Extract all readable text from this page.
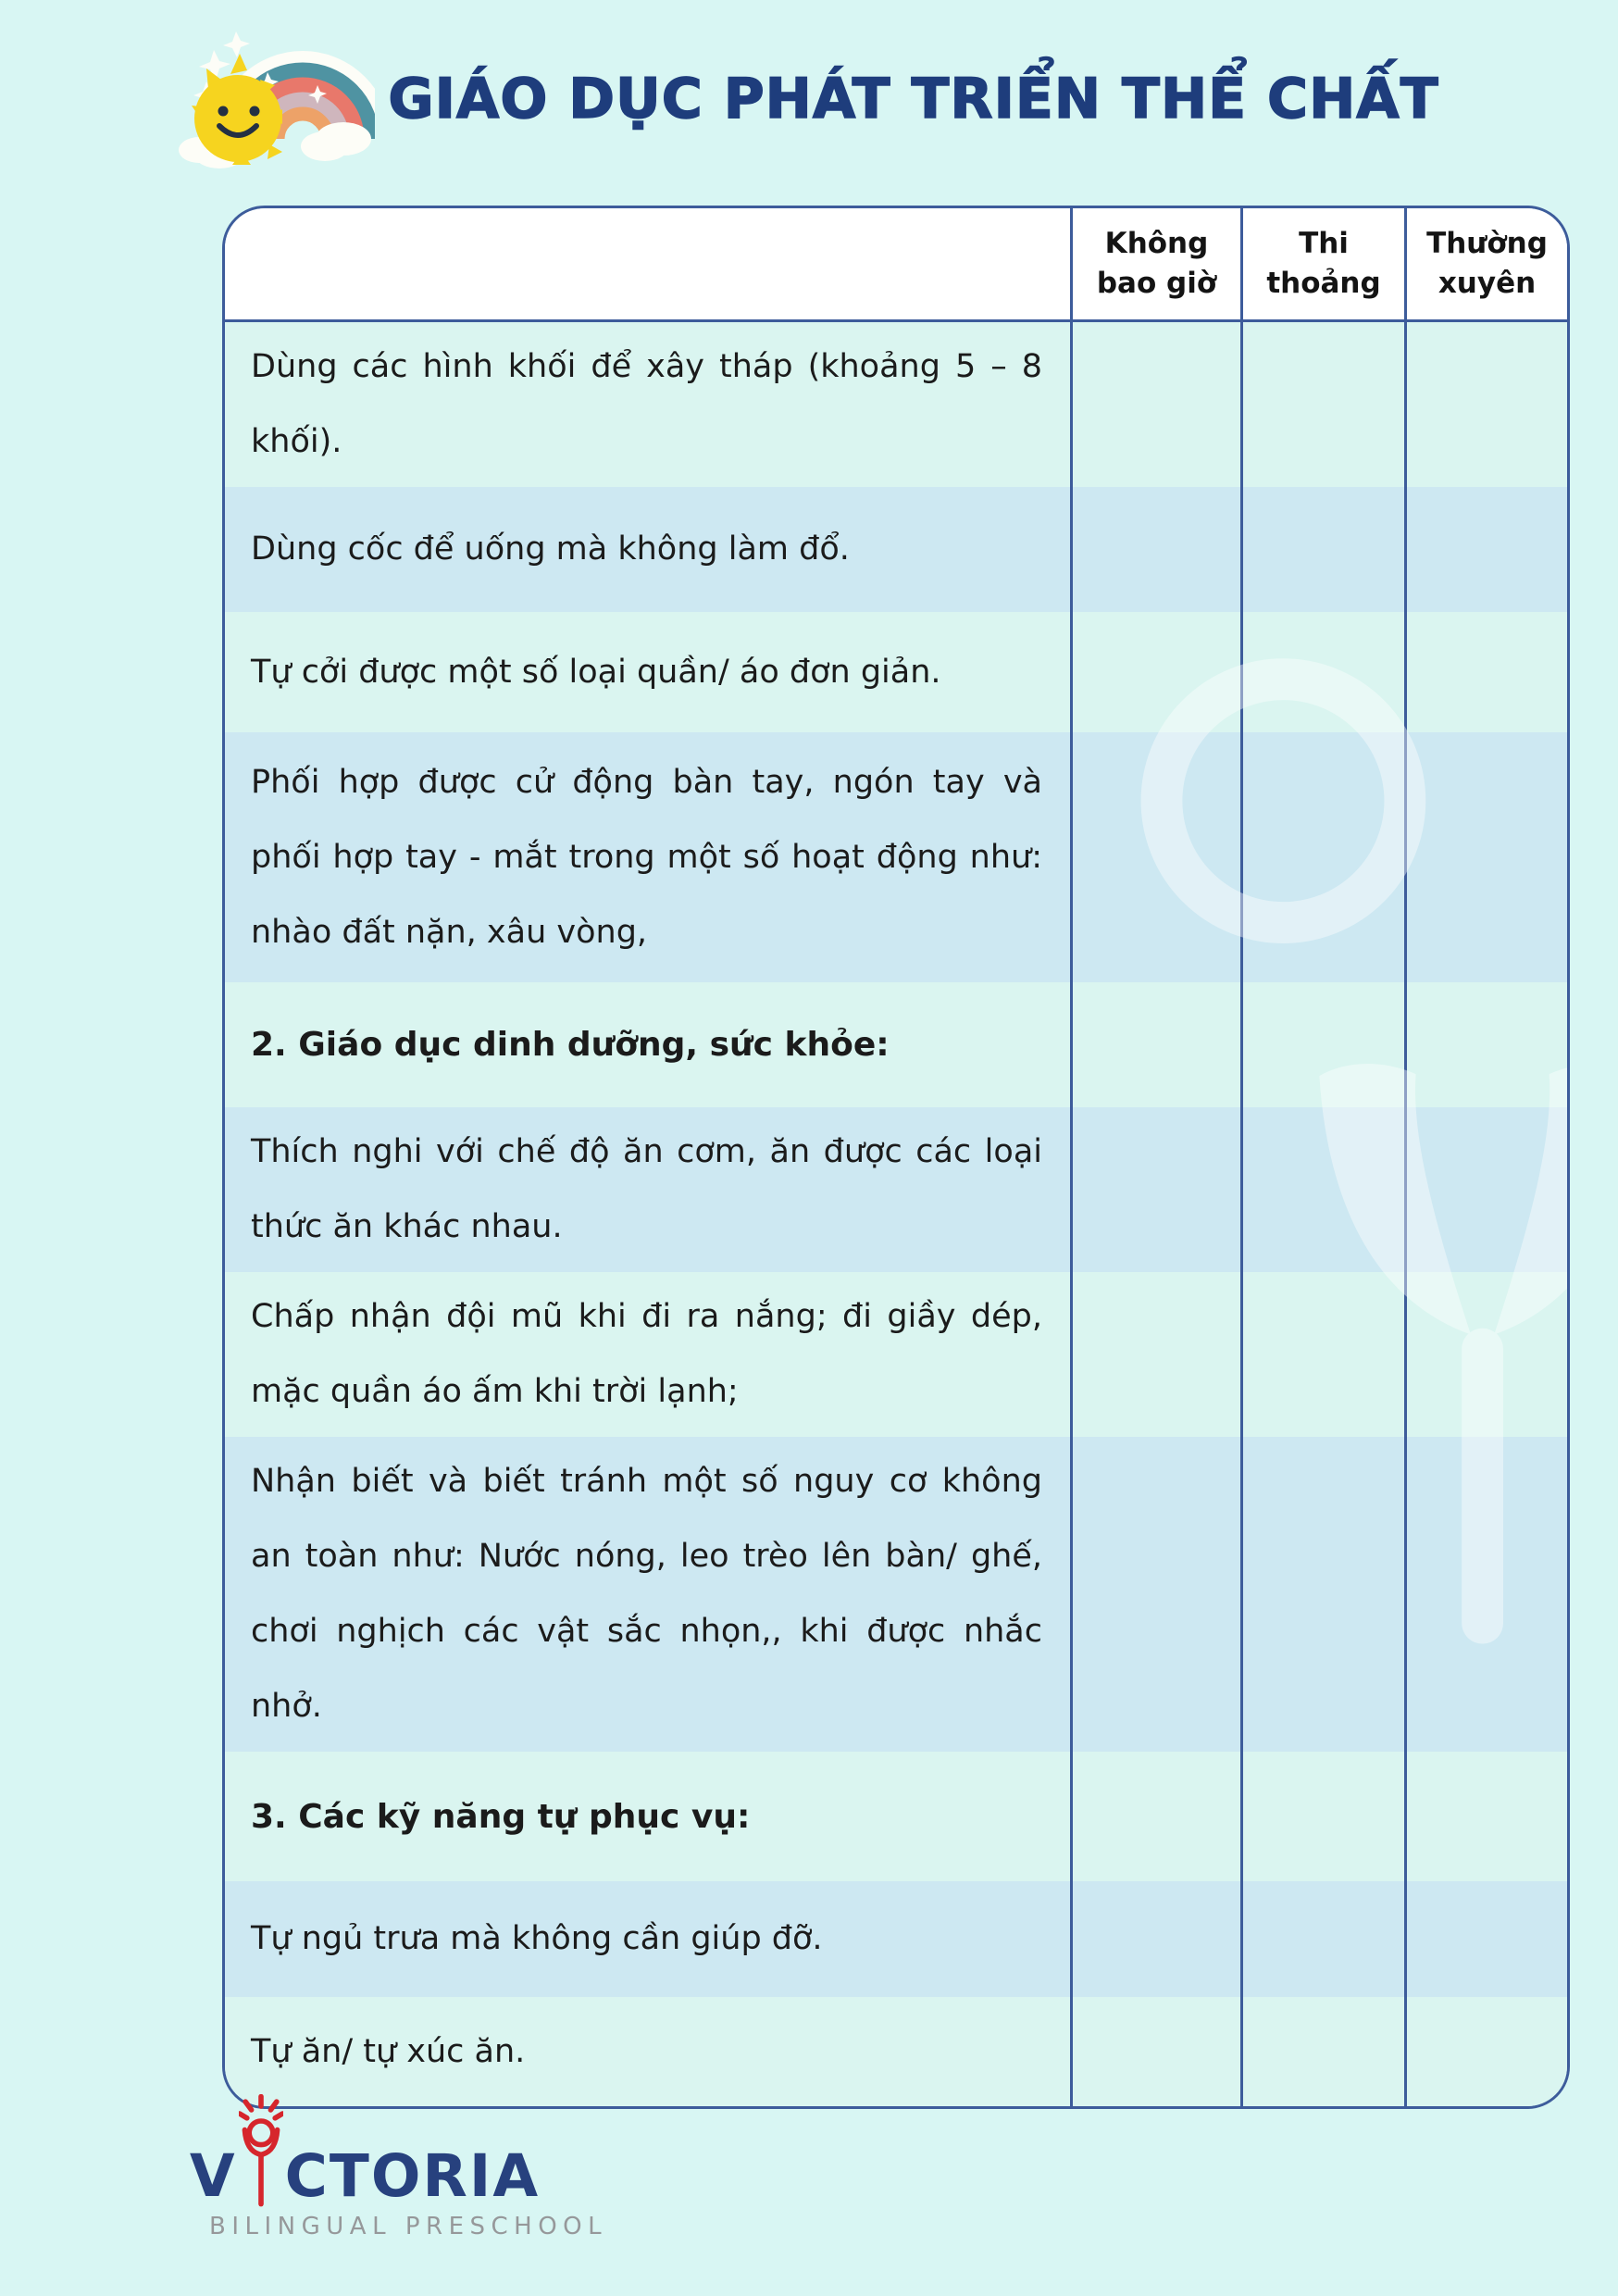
GIÁO DỤC PHÁT TRIỂN THỂ CHẤT
Không bao giờ
Thi thoảng
Thường xuyên
Dùng các hình khối để xây tháp (khoảng 5 – 8 khối).
Dùng cốc để uống mà không làm đổ.
Tự cởi được một số loại quần/ áo đơn giản.
Phối hợp được cử động bàn tay, ngón tay và phối hợp tay - mắt trong một số hoạt động như: nhào đất nặn, xâu vòng,
2. Giáo dục dinh dưỡng, sức khỏe:
Thích nghi với chế độ ăn cơm, ăn được các loại thức ăn khác nhau.
Chấp nhận đội mũ khi đi ra nắng; đi giầy dép, mặc quần áo ấm khi trời lạnh;
Nhận biết và biết tránh một số nguy cơ không an toàn như: Nước nóng, leo trèo lên bàn/ ghế, chơi nghịch các vật sắc nhọn,, khi được nhắc nhở.
3. Các kỹ năng tự phục vụ:
Tự ngủ trưa mà không cần giúp đỡ.
Tự ăn/ tự xúc ăn.
V CTORIA
BILINGUAL PRESCHOOL
